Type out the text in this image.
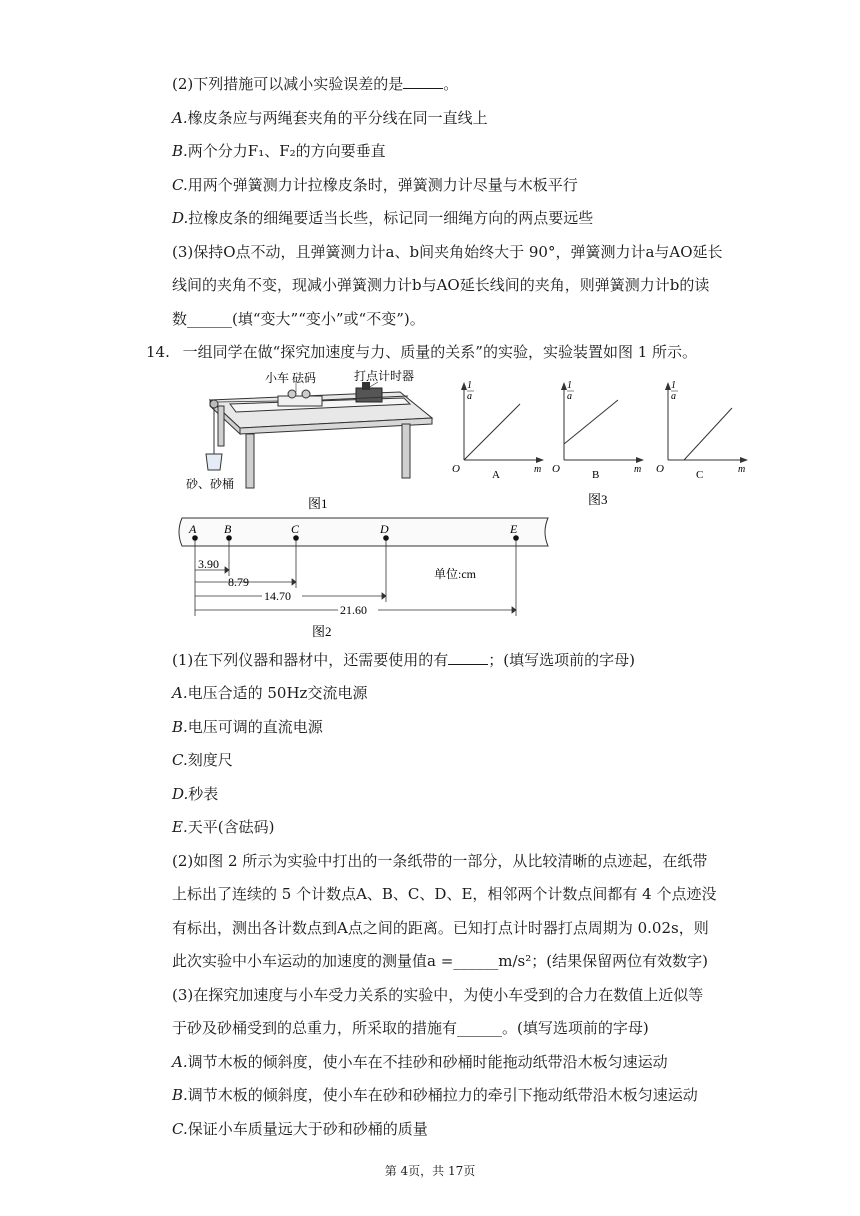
(2)下列措施可以减小实验误差的是	。
A.橡皮条应与两绳套夹角的平分线在同一直线上
B.两个分力F₁、F₂的方向要垂直
C.用两个弹簧测力计拉橡皮条时，弹簧测力计尽量与木板平行
D.拉橡皮条的细绳要适当长些，标记同一细绳方向的两点要远些
(3)保持O点不动，且弹簧测力计a、b间夹角始终大于 90°，弹簧测力计a与AO延长
线间的夹角不变，现减小弹簧测力计b与AO延长线间的夹角，则弹簧测力计b的读
数______(填“变大”“变小”或“不变”)。
14. 一组同学在做“探究加速度与力、质量的关系”的实验，实验装置如图 1 所示。
小车 砝码	打点计时器
砂、砂桶
图1
1
a
O	m
A
1
a
O	m
B
1
a
O	m
C
图3
A B	C	D	E
3.90
8.79
14.70
21.60
单位:cm
图2
(1)在下列仪器和器材中，还需要使用的有	；(填写选项前的字母)
A.电压合适的 50Hz交流电源
B.电压可调的直流电源
C.刻度尺
D.秒表
E.天平(含砝码)
(2)如图 2 所示为实验中打出的一条纸带的一部分，从比较清晰的点迹起，在纸带
上标出了连续的 5 个计数点A、B、C、D、E，相邻两个计数点间都有 4 个点迹没
有标出，测出各计数点到A点之间的距离。已知打点计时器打点周期为 0.02s，则
此次实验中小车运动的加速度的测量值a =______m/s²；(结果保留两位有效数字)
(3)在探究加速度与小车受力关系的实验中，为使小车受到的合力在数值上近似等
于砂及砂桶受到的总重力，所采取的措施有______。(填写选项前的字母)
A.调节木板的倾斜度，使小车在不挂砂和砂桶时能拖动纸带沿木板匀速运动
B.调节木板的倾斜度，使小车在砂和砂桶拉力的牵引下拖动纸带沿木板匀速运动
C.保证小车质量远大于砂和砂桶的质量
第 4页，共 17页
